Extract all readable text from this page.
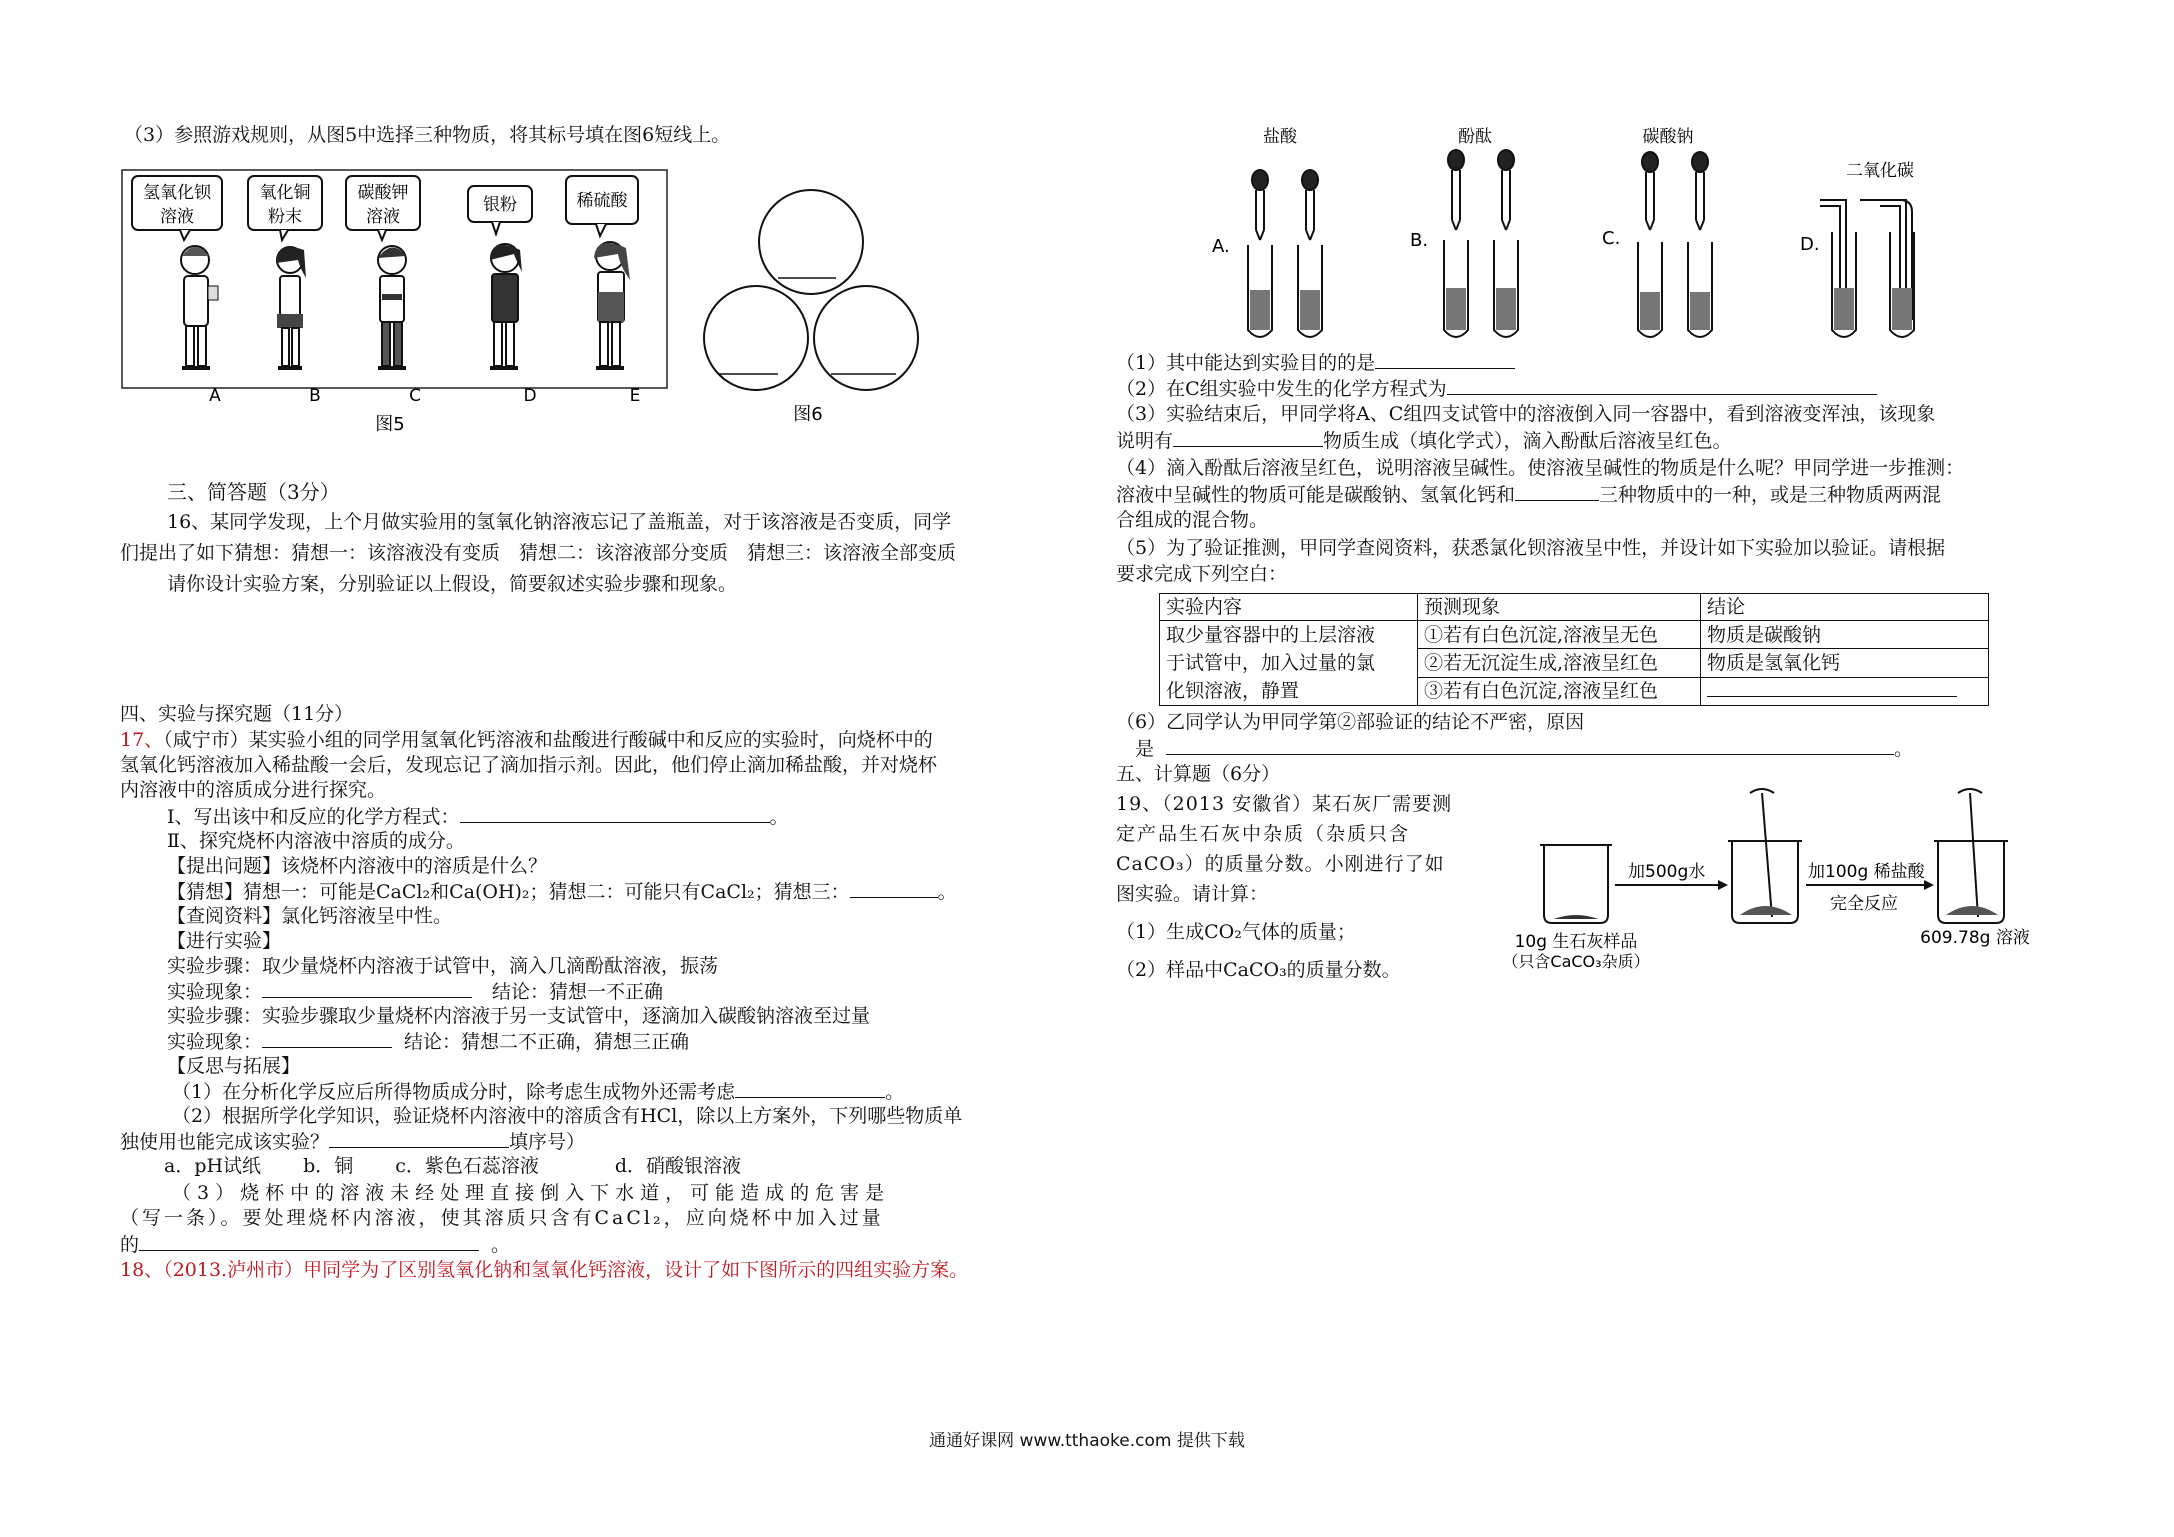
（3）参照游戏规则，从图5中选择三种物质，将其标号填在图6短线上。
氢氧化钡
溶液
氧化铜
粉末
碳酸钾
溶液
银粉	稀硫酸
A	B	C	D	E
图5	图6
三、简答题（3分）
16、某同学发现，上个月做实验用的氢氧化钠溶液忘记了盖瓶盖，对于该溶液是否变质，同学
们提出了如下猜想：猜想一：该溶液没有变质　猜想二：该溶液部分变质　猜想三：该溶液全部变质
请你设计实验方案，分别验证以上假设，简要叙述实验步骤和现象。
四、实验与探究题（11分）
17、（咸宁市）某实验小组的同学用氢氧化钙溶液和盐酸进行酸碱中和反应的实验时，向烧杯中的
氢氧化钙溶液加入稀盐酸一会后，发现忘记了滴加指示剂。因此，他们停止滴加稀盐酸，并对烧杯
内溶液中的溶质成分进行探究。
Ⅰ、写出该中和反应的化学方程式：	。
Ⅱ、探究烧杯内溶液中溶质的成分。
【提出问题】该烧杯内溶液中的溶质是什么？
【猜想】猜想一：可能是CaCl₂和Ca(OH)₂；猜想二：可能只有CaCl₂；猜想三：	。
【查阅资料】氯化钙溶液呈中性。
【进行实验】
实验步骤：取少量烧杯内溶液于试管中，滴入几滴酚酞溶液，振荡
实验现象：	结论：猜想一不正确
实验步骤：实验步骤取少量烧杯内溶液于另一支试管中，逐滴加入碳酸钠溶液至过量
实验现象：	结论：猜想二不正确，猜想三正确
【反思与拓展】
（1）在分析化学反应后所得物质成分时，除考虑生成物外还需考虑	。
（2）根据所学化学知识，验证烧杯内溶液中的溶质含有HCl，除以上方案外，下列哪些物质单
独使用也能完成该实验？	填序号）
a．pH试纸 b．铜 c．紫色石蕊溶液	d．硝酸银溶液
（3）烧杯中的溶液未经处理直接倒入下水道，可能造成的危害是
（写一条）。要处理烧杯内溶液，使其溶质只含有CaCl₂，应向烧杯中加入过量
的	。
18、（2013.泸州市）甲同学为了区别氢氧化钠和氢氧化钙溶液，设计了如下图所示的四组实验方案。
盐酸	酚酞	碳酸钠
二氧化碳
A.	B.	C.	D.
（1）其中能达到实验目的的是
（2）在C组实验中发生的化学方程式为
（3）实验结束后，甲同学将A、C组四支试管中的溶液倒入同一容器中，看到溶液变浑浊，该现象
说明有	物质生成（填化学式），滴入酚酞后溶液呈红色。
（4）滴入酚酞后溶液呈红色，说明溶液呈碱性。使溶液呈碱性的物质是什么呢？甲同学进一步推测：
溶液中呈碱性的物质可能是碳酸钠、氢氧化钙和	三种物质中的一种，或是三种物质两两混
合组成的混合物。
（5）为了验证推测，甲同学查阅资料，获悉氯化钡溶液呈中性，并设计如下实验加以验证。请根据
要求完成下列空白：
实验内容	预测现象	结论

取少量容器中的上层溶液
于试管中，加入过量的氯
化钡溶液，静置	①若有白色沉淀,溶液呈无色	物质是碳酸钠
	②若无沉淀生成,溶液呈红色	物质是氢氧化钙
	③若有白色沉淀,溶液呈红色	
（6）乙同学认为甲同学第②部验证的结论不严密，原因
是	。
五、计算题（6分）
19、（2013 安徽省）某石灰厂需要测
定产品生石灰中杂质（杂质只含
CaCO₃）的质量分数。小刚进行了如
图实验。请计算：
（1）生成CO₂气体的质量；
（2）样品中CaCO₃的质量分数。
加500g水	加100g 稀盐酸
完全反应
10g 生石灰样品
（只含CaCO₃杂质）
609.78g 溶液
通通好课网 www.tthaoke.com 提供下载
